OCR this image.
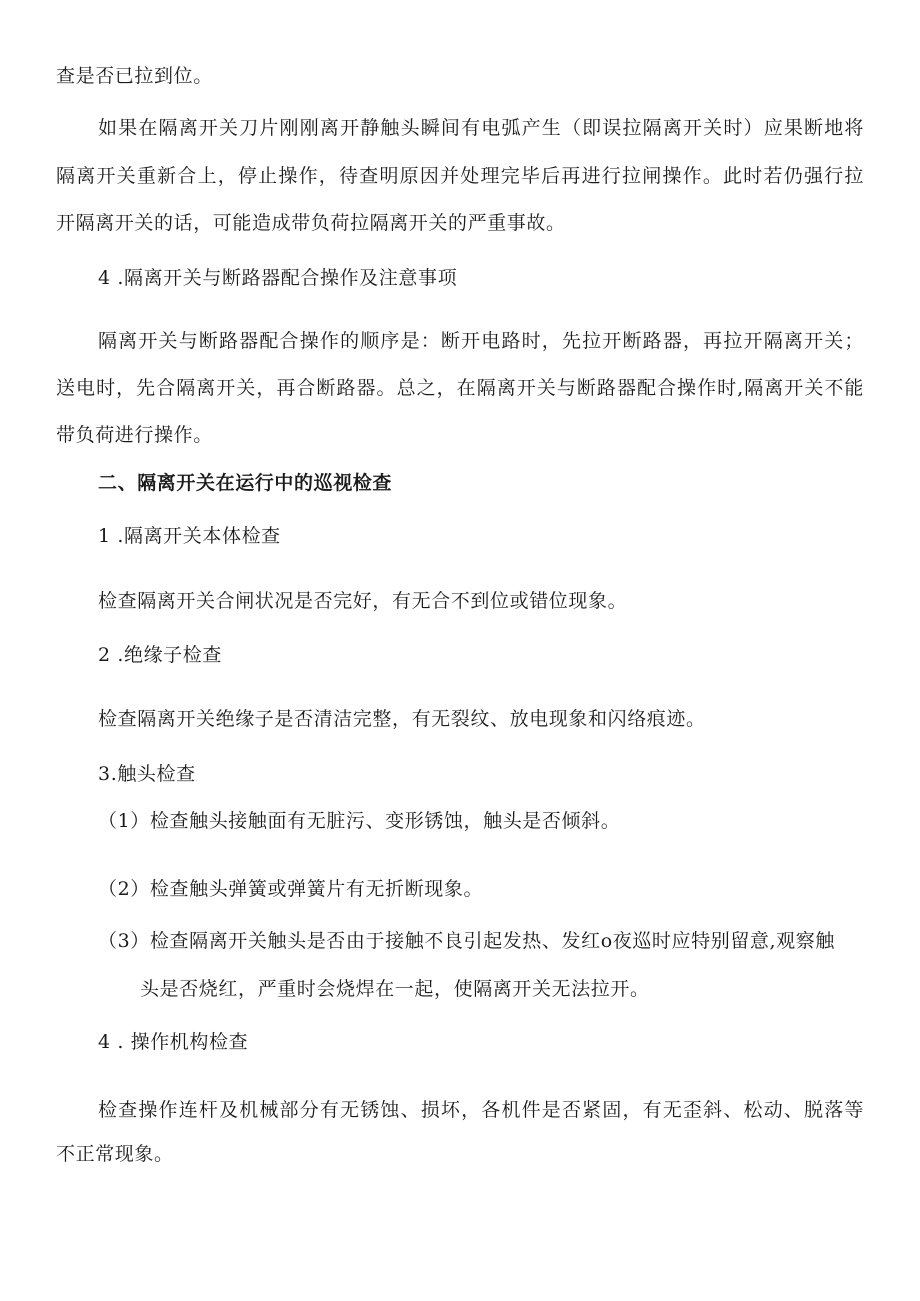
查是否已拉到位。
如果在隔离开关刀片刚刚离开静触头瞬间有电弧产生（即误拉隔离开关时）应果断地将
隔离开关重新合上，停止操作，待查明原因并处理完毕后再进行拉闸操作。此时若仍强行拉
开隔离开关的话，可能造成带负荷拉隔离开关的严重事故。
4 .隔离开关与断路器配合操作及注意事项
隔离开关与断路器配合操作的顺序是：断开电路时，先拉开断路器，再拉开隔离开关；
送电时，先合隔离开关，再合断路器。总之，在隔离开关与断路器配合操作时,隔离开关不能
带负荷进行操作。
二、隔离开关在运行中的巡视检查
1 .隔离开关本体检查
检查隔离开关合闸状况是否完好，有无合不到位或错位现象。
2 .绝缘子检查
检查隔离开关绝缘子是否清洁完整，有无裂纹、放电现象和闪络痕迹。
3.触头检查
（1）检查触头接触面有无脏污、变形锈蚀，触头是否倾斜。
（2）检查触头弹簧或弹簧片有无折断现象。
（3）检查隔离开关触头是否由于接触不良引起发热、发红o夜巡时应特别留意,观察触
头是否烧红，严重时会烧焊在一起，使隔离开关无法拉开。
4 . 操作机构检查
检查操作连杆及机械部分有无锈蚀、损坏，各机件是否紧固，有无歪斜、松动、脱落等
不正常现象。
